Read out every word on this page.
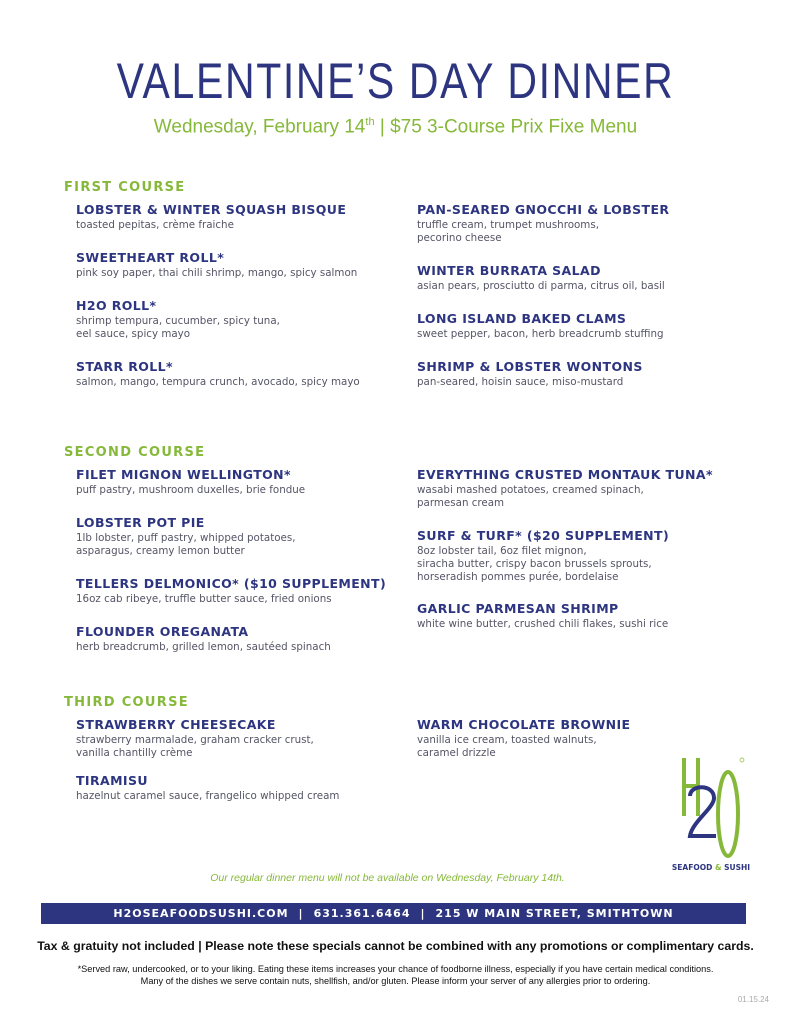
VALENTINE’S DAY DINNER
Wednesday, February 14th | $75 3-Course Prix Fixe Menu
FIRST COURSE
LOBSTER & WINTER SQUASH BISQUE
toasted pepitas, crème fraiche
SWEETHEART ROLL*
pink soy paper, thai chili shrimp, mango, spicy salmon
H2O ROLL*
shrimp tempura, cucumber, spicy tuna,
eel sauce, spicy mayo
STARR ROLL*
salmon, mango, tempura crunch, avocado, spicy mayo
PAN-SEARED GNOCCHI & LOBSTER
truffle cream, trumpet mushrooms,
pecorino cheese
WINTER BURRATA SALAD
asian pears, prosciutto di parma, citrus oil, basil
LONG ISLAND BAKED CLAMS
sweet pepper, bacon, herb breadcrumb stuffing
SHRIMP & LOBSTER WONTONS
pan-seared, hoisin sauce, miso-mustard
SECOND COURSE
FILET MIGNON WELLINGTON*
puff pastry, mushroom duxelles, brie fondue
LOBSTER POT PIE
1lb lobster, puff pastry, whipped potatoes,
asparagus, creamy lemon butter
TELLERS DELMONICO* ($10 SUPPLEMENT)
16oz cab ribeye, truffle butter sauce, fried onions
FLOUNDER OREGANATA
herb breadcrumb, grilled lemon, sautéed spinach
EVERYTHING CRUSTED MONTAUK TUNA*
wasabi mashed potatoes, creamed spinach,
parmesan cream
SURF & TURF* ($20 SUPPLEMENT)
8oz lobster tail, 6oz filet mignon,
siracha butter, crispy bacon brussels sprouts,
horseradish pommes purée, bordelaise
GARLIC PARMESAN SHRIMP
white wine butter, crushed chili flakes, sushi rice
THIRD COURSE
STRAWBERRY CHEESECAKE
strawberry marmalade, graham cracker crust,
vanilla chantilly crème
TIRAMISU
hazelnut caramel sauce, frangelico whipped cream
WARM CHOCOLATE BROWNIE
vanilla ice cream, toasted walnuts,
caramel drizzle
SEAFOOD & SUSHI
Our regular dinner menu will not be available on Wednesday, February 14th.
H2OSEAFOODSUSHI.COM | 631.361.6464 | 215 W MAIN STREET, SMITHTOWN
Tax & gratuity not included | Please note these specials cannot be combined with any promotions or complimentary cards.
*Served raw, undercooked, or to your liking. Eating these items increases your chance of foodborne illness, especially if you have certain medical conditions.
Many of the dishes we serve contain nuts, shellfish, and/or gluten. Please inform your server of any allergies prior to ordering.
01.15.24
